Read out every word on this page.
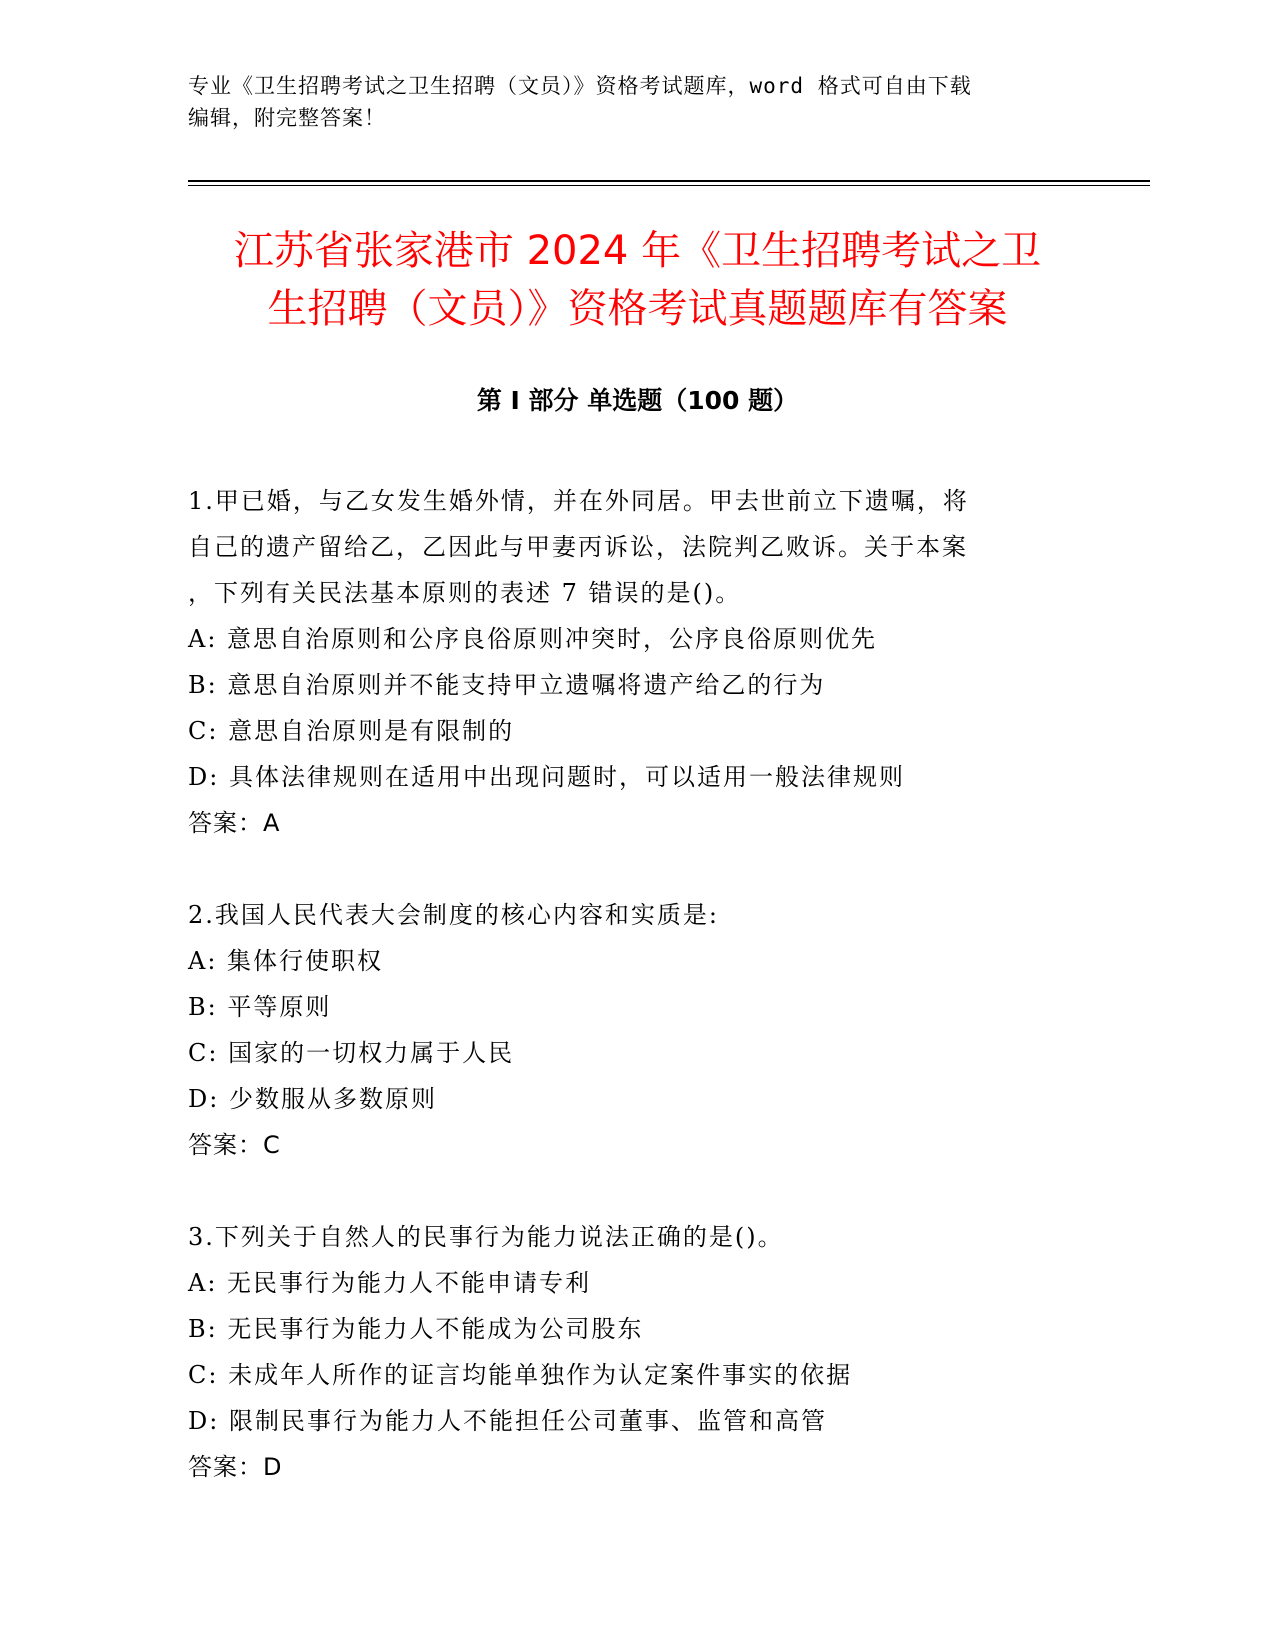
专业《卫生招聘考试之卫生招聘（文员）》资格考试题库，word 格式可自由下载
编辑，附完整答案！
江苏省张家港市 2024 年《卫生招聘考试之卫
生招聘（文员）》资格考试真题题库有答案
第 I 部分 单选题（100 题）
1.甲已婚，与乙女发生婚外情，并在外同居。甲去世前立下遗嘱，将
自己的遗产留给乙，乙因此与甲妻丙诉讼，法院判乙败诉。关于本案
，下列有关民法基本原则的表述 7 错误的是()。
A: 意思自治原则和公序良俗原则冲突时，公序良俗原则优先
B: 意思自治原则并不能支持甲立遗嘱将遗产给乙的行为
C: 意思自治原则是有限制的
D: 具体法律规则在适用中出现问题时，可以适用一般法律规则
答案：A
2.我国人民代表大会制度的核心内容和实质是:
A: 集体行使职权
B: 平等原则
C: 国家的一切权力属于人民
D: 少数服从多数原则
答案：C
3.下列关于自然人的民事行为能力说法正确的是()。
A: 无民事行为能力人不能申请专利
B: 无民事行为能力人不能成为公司股东
C: 未成年人所作的证言均能单独作为认定案件事实的依据
D: 限制民事行为能力人不能担任公司董事、监管和高管
答案：D
